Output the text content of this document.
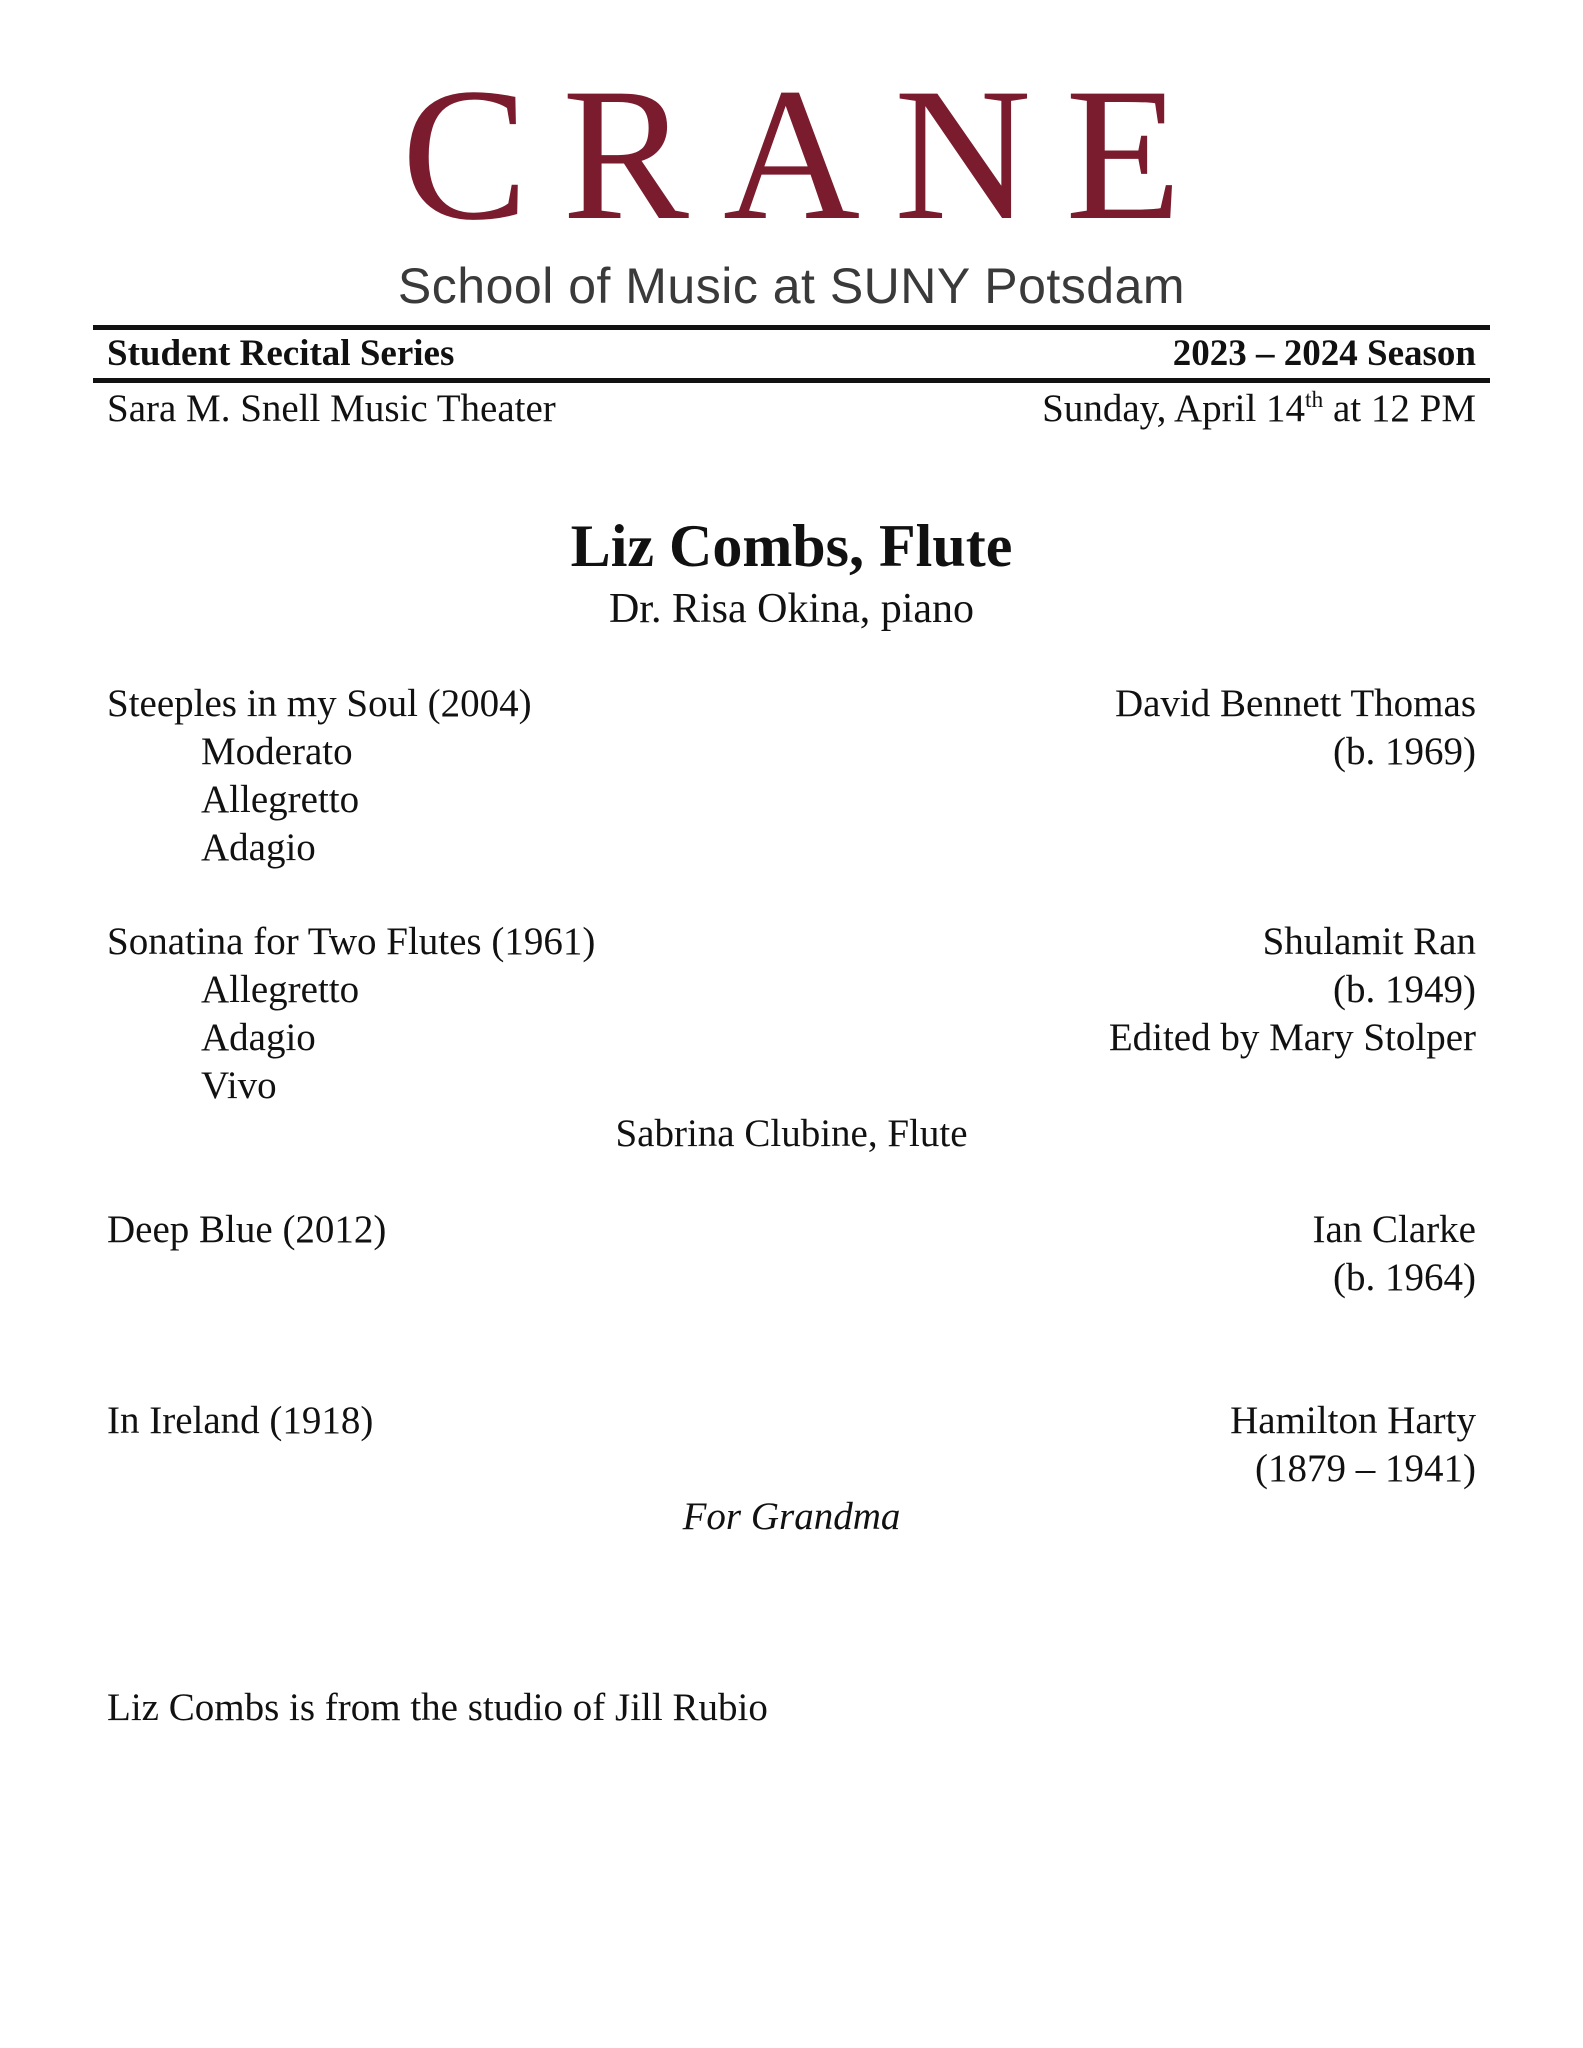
CRANE
School of Music at SUNY Potsdam
Student Recital Series	2023 – 2024 Season
Sara M. Snell Music Theater	Sunday, April 14th at 12 PM
Liz Combs, Flute
Dr. Risa Okina, piano
Steeples in my Soul (2004)	David Bennett Thomas
Moderato	(b. 1969)
Allegretto
Adagio
Sonatina for Two Flutes (1961)	Shulamit Ran
Allegretto	(b. 1949)
Adagio	Edited by Mary Stolper
Vivo
Sabrina Clubine, Flute
Deep Blue (2012)	Ian Clarke
(b. 1964)
In Ireland (1918)	Hamilton Harty
(1879 – 1941)
For Grandma
Liz Combs is from the studio of Jill Rubio
